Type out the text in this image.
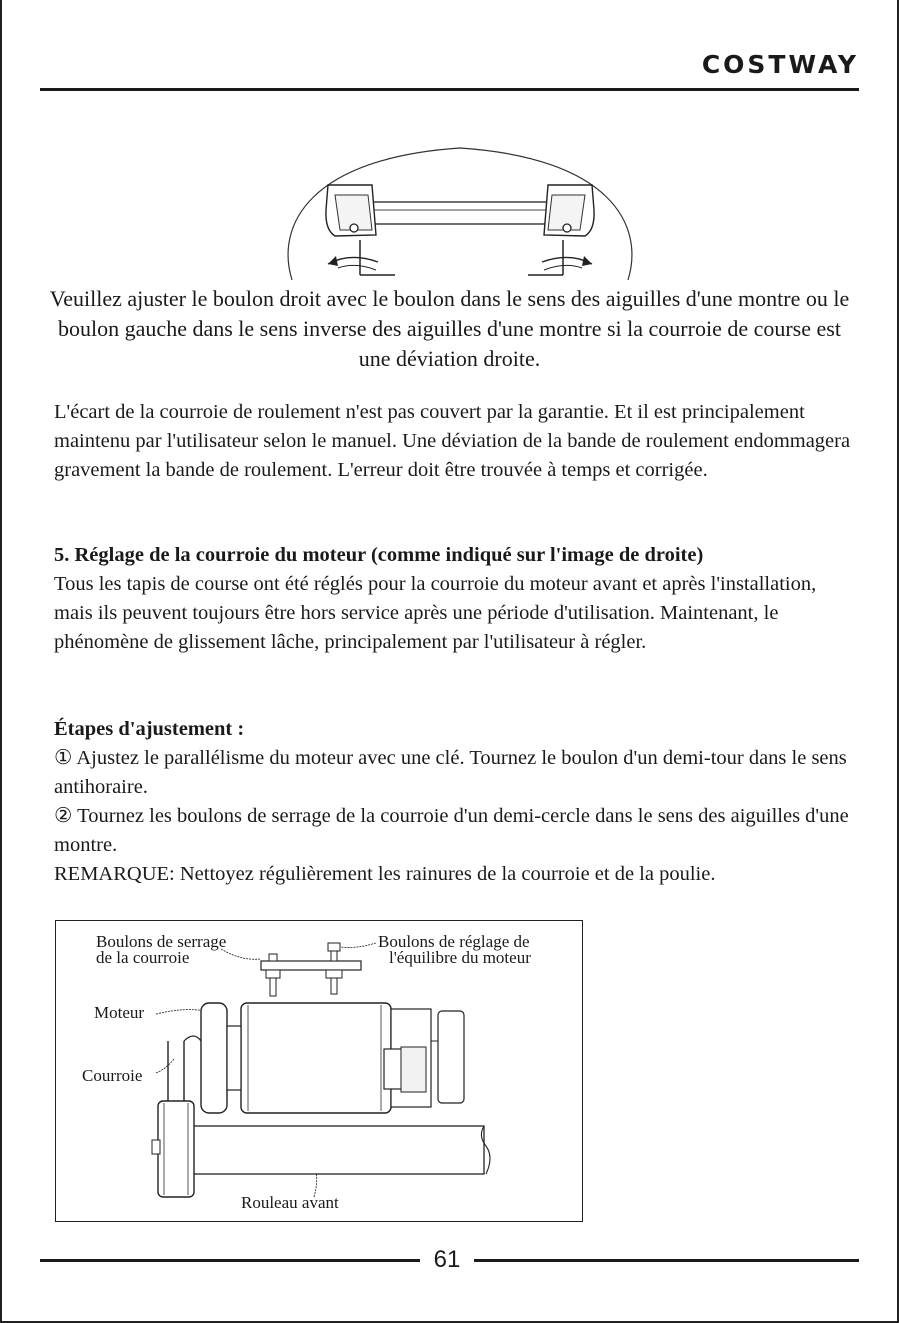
COSTWAY
Veuillez ajuster le boulon droit avec le boulon dans le sens des aiguilles d'une montre ou le boulon gauche dans le sens inverse des aiguilles d'une montre si la courroie de course est une déviation droite.

L'écart de la courroie de roulement n'est pas couvert par la garantie. Et il est principalement maintenu par l'utilisateur selon le manuel. Une déviation de la bande de roulement endommagera gravement la bande de roulement. L'erreur doit être trouvée à temps et corrigée.

5. Réglage de la courroie du moteur (comme indiqué sur l'image de droite)

Tous les tapis de course ont été réglés pour la courroie du moteur avant et après l'installation, mais ils peuvent toujours être hors service après une période d'utilisation. Maintenant, le phénomène de glissement lâche, principalement par l'utilisateur à régler.

Étapes d'ajustement :

① Ajustez le parallélisme du moteur avec une clé. Tournez le boulon d'un demi-tour dans le sens antihoraire.

② Tournez les boulons de serrage de la courroie d'un demi-cercle dans le sens des aiguilles d'une montre.

REMARQUE: Nettoyez régulièrement les rainures de la courroie et de la poulie.

Boulons de serrage
de la courroie
Boulons de réglage de
l'équilibre du moteur
Moteur
Courroie
Rouleau avant
61
